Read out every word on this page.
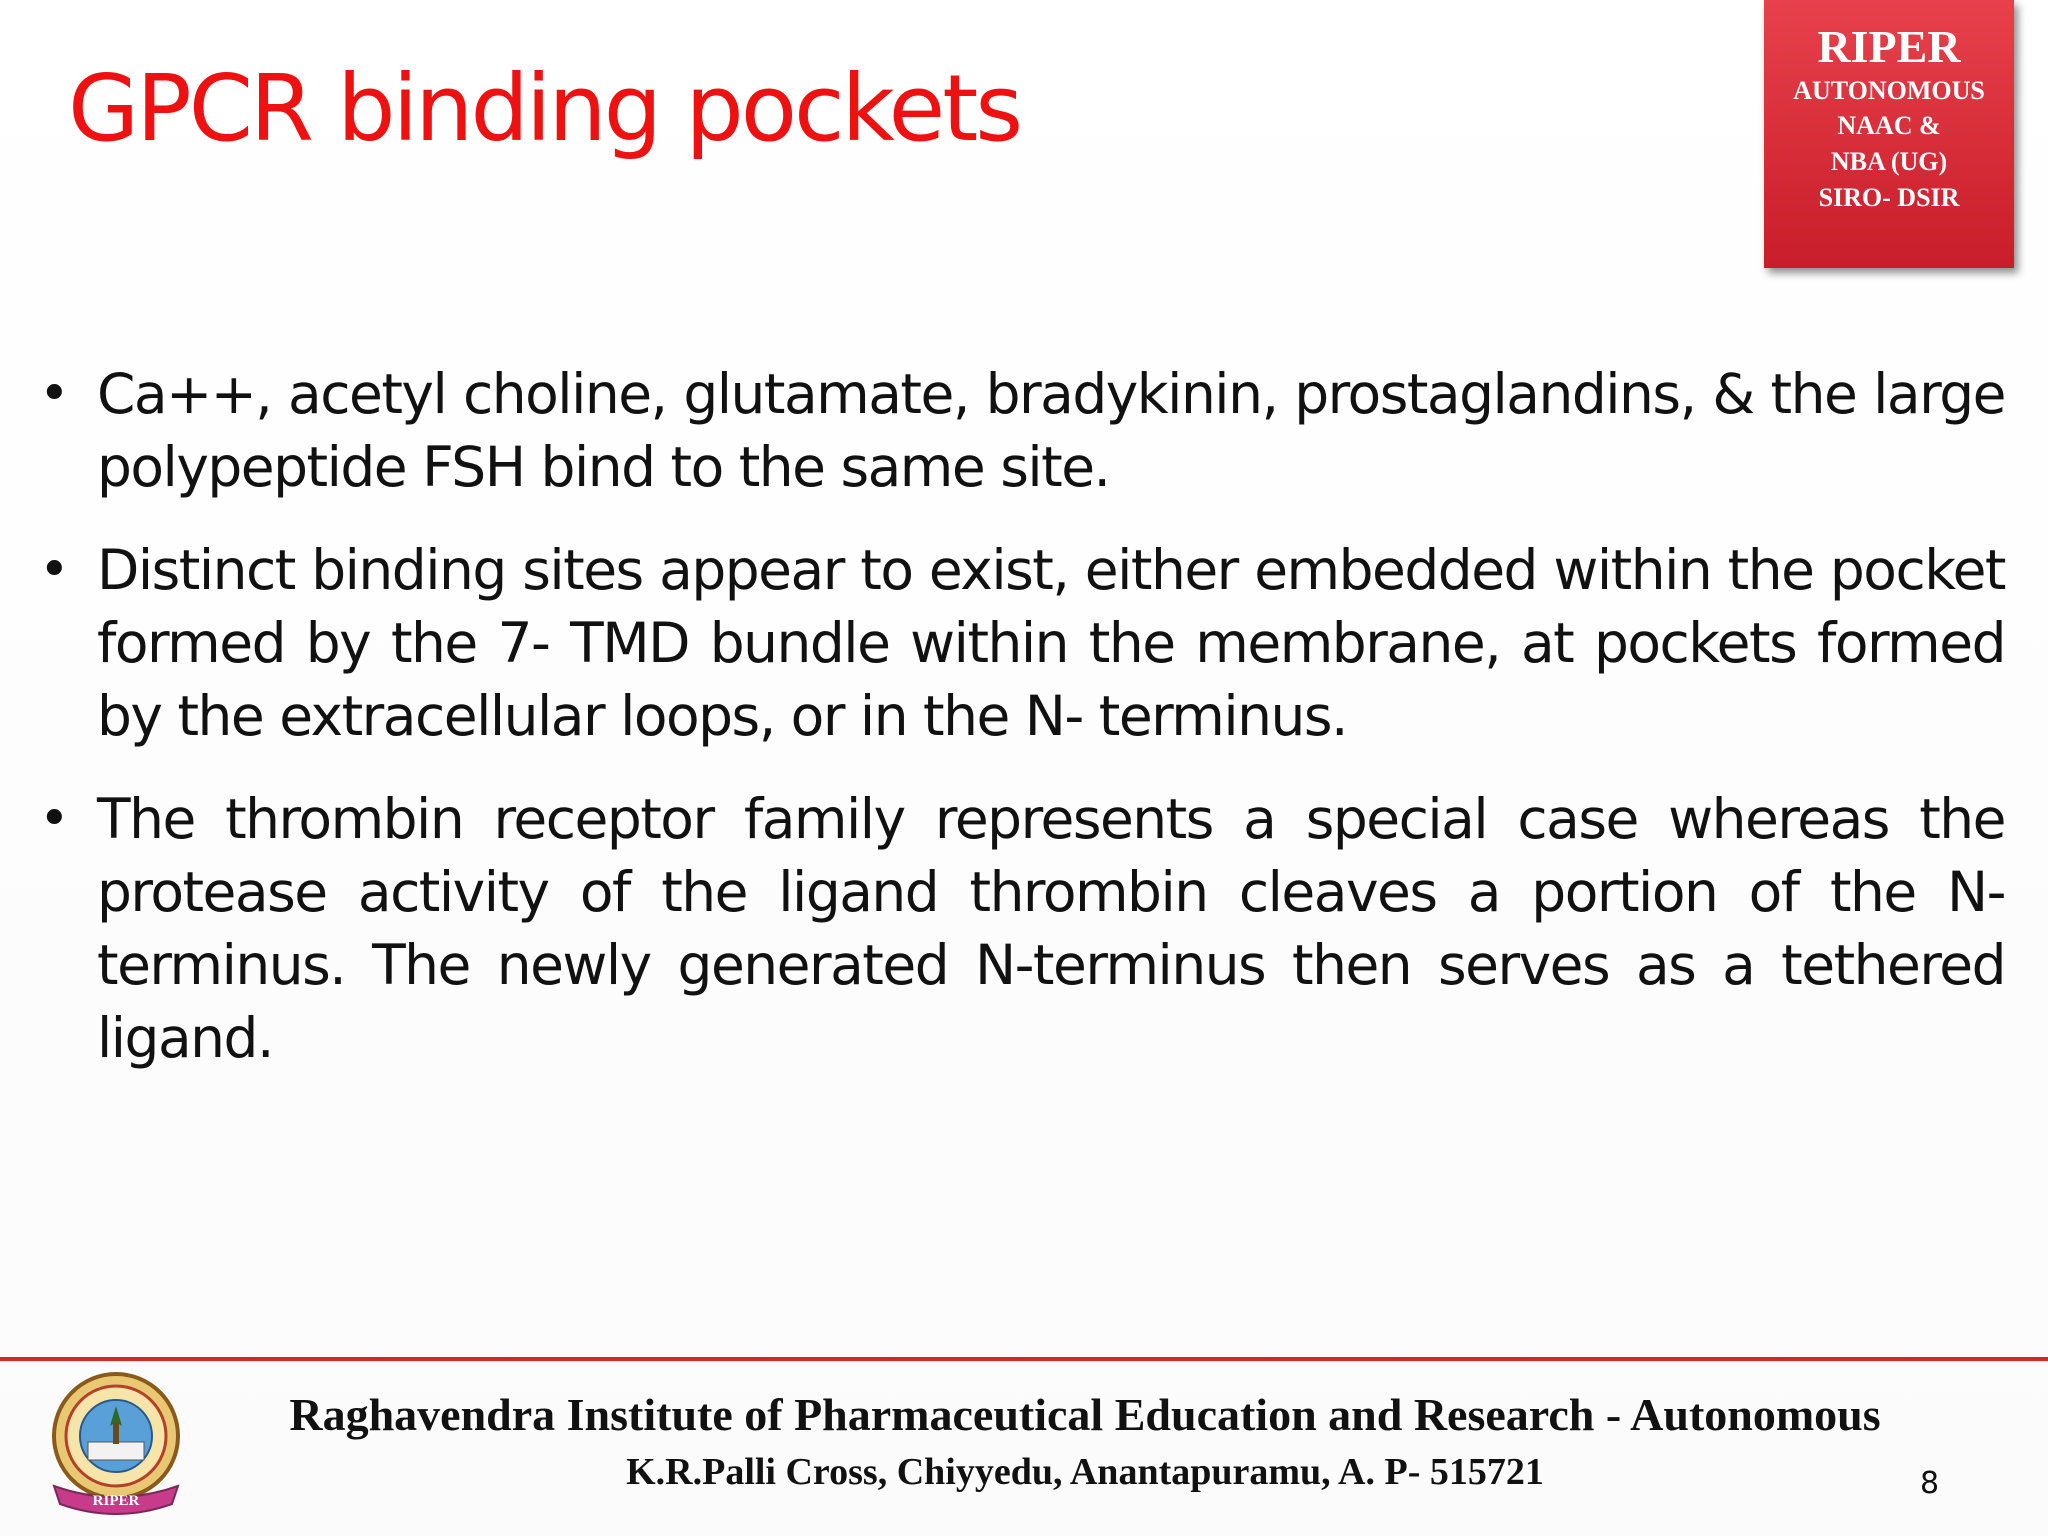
GPCR binding pockets
RIPER
AUTONOMOUS
NAAC &
NBA (UG)
SIRO- DSIR
• Ca++, acetyl choline, glutamate, bradykinin, prostaglandins, & the large polypeptide FSH bind to the same site.
• Distinct binding sites appear to exist, either embedded within the pocket formed by the 7- TMD bundle within the membrane, at pockets formed by the extracellular loops, or in the N- terminus.
• The thrombin receptor family represents a special case whereas the protease activity of the ligand thrombin cleaves a portion of the N- terminus. The newly generated N-terminus then serves as a tethered ligand.
RIPER

Raghavendra Institute of Pharmaceutical Education and Research - Autonomous

K.R.Palli Cross, Chiyyedu, Anantapuramu, A. P- 515721	8
